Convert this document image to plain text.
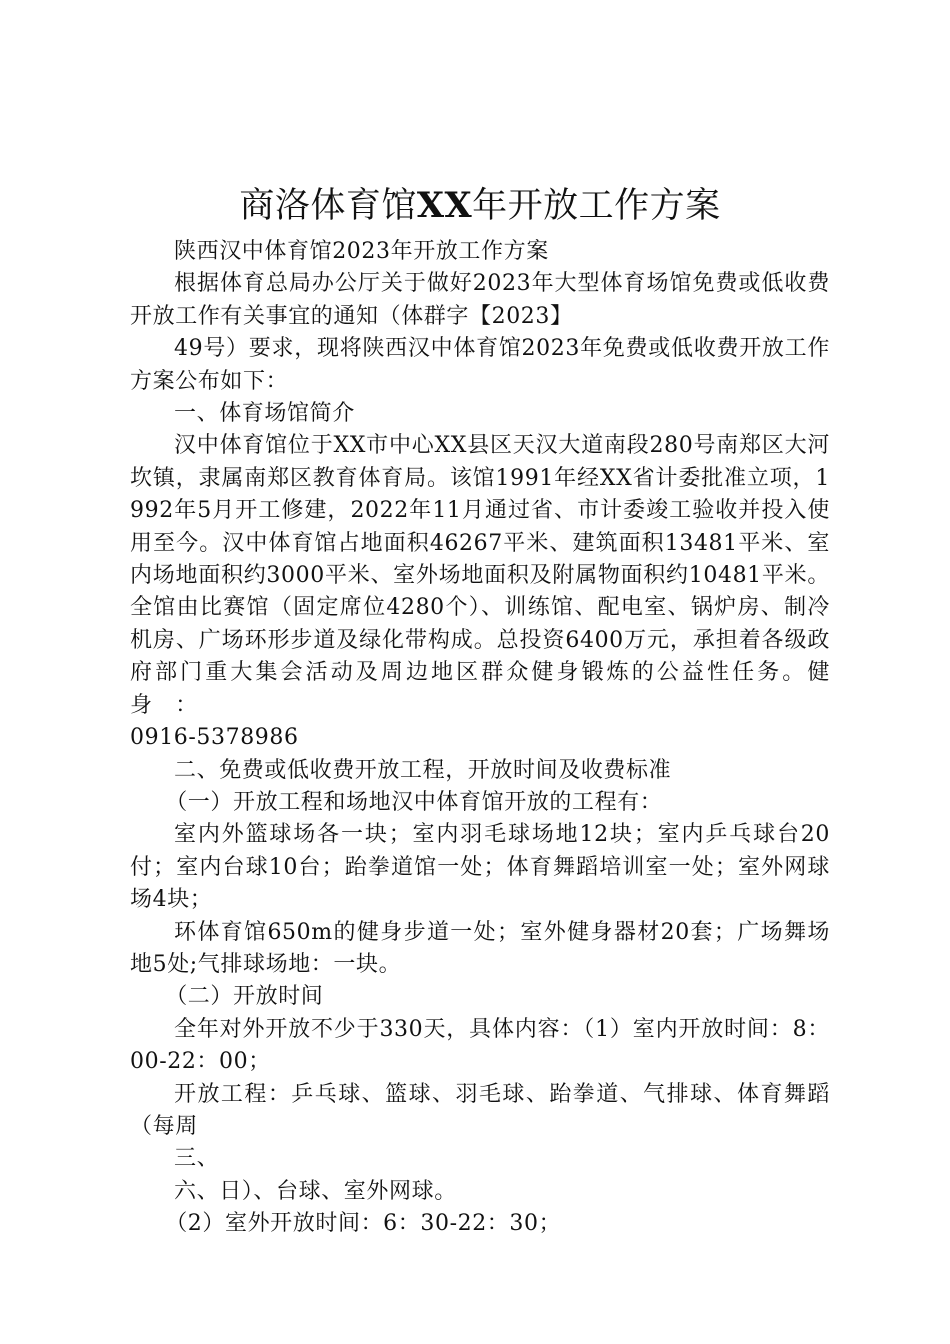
商洛体育馆XX年开放工作方案

陕西汉中体育馆2023年开放工作方案

根据体育总局办公厅关于做好2023年大型体育场馆免费或低收费开放工作有关事宜的通知（体群字【2023】

49号）要求，现将陕西汉中体育馆2023年免费或低收费开放工作方案公布如下：

一、体育场馆简介

汉中体育馆位于XX市中心XX县区天汉大道南段280号南郑区大河坎镇，隶属南郑区教育体育局。该馆1991年经XX省计委批准立项，1992年5月开工修建，2022年11月通过省、市计委竣工验收并投入使用至今。汉中体育馆占地面积46267平米、建筑面积13481平米、室内场地面积约3000平米、室外场地面积及附属物面积约10481平米。全馆由比赛馆（固定席位4280个）、训练馆、配电室、锅炉房、制冷机房、广场环形步道及绿化带构成。总投资6400万元，承担着各级政府部门重大集会活动及周边地区群众健身锻炼的公益性任务。健身　：

0916-5378986

二、免费或低收费开放工程，开放时间及收费标准

（一）开放工程和场地汉中体育馆开放的工程有：

室内外篮球场各一块；室内羽毛球场地12块；室内乒乓球台20付；室内台球10台；跆拳道馆一处；体育舞蹈培训室一处；室外网球场4块；

环体育馆650m的健身步道一处；室外健身器材20套；广场舞场地5处;气排球场地：一块。

（二）开放时间

全年对外开放不少于330天，具体内容：（1）室内开放时间：8：00-22：00；

开放工程：乒乓球、篮球、羽毛球、跆拳道、气排球、体育舞蹈（每周

三、

六、日）、台球、室外网球。

（2）室外开放时间：6：30-22：30；
